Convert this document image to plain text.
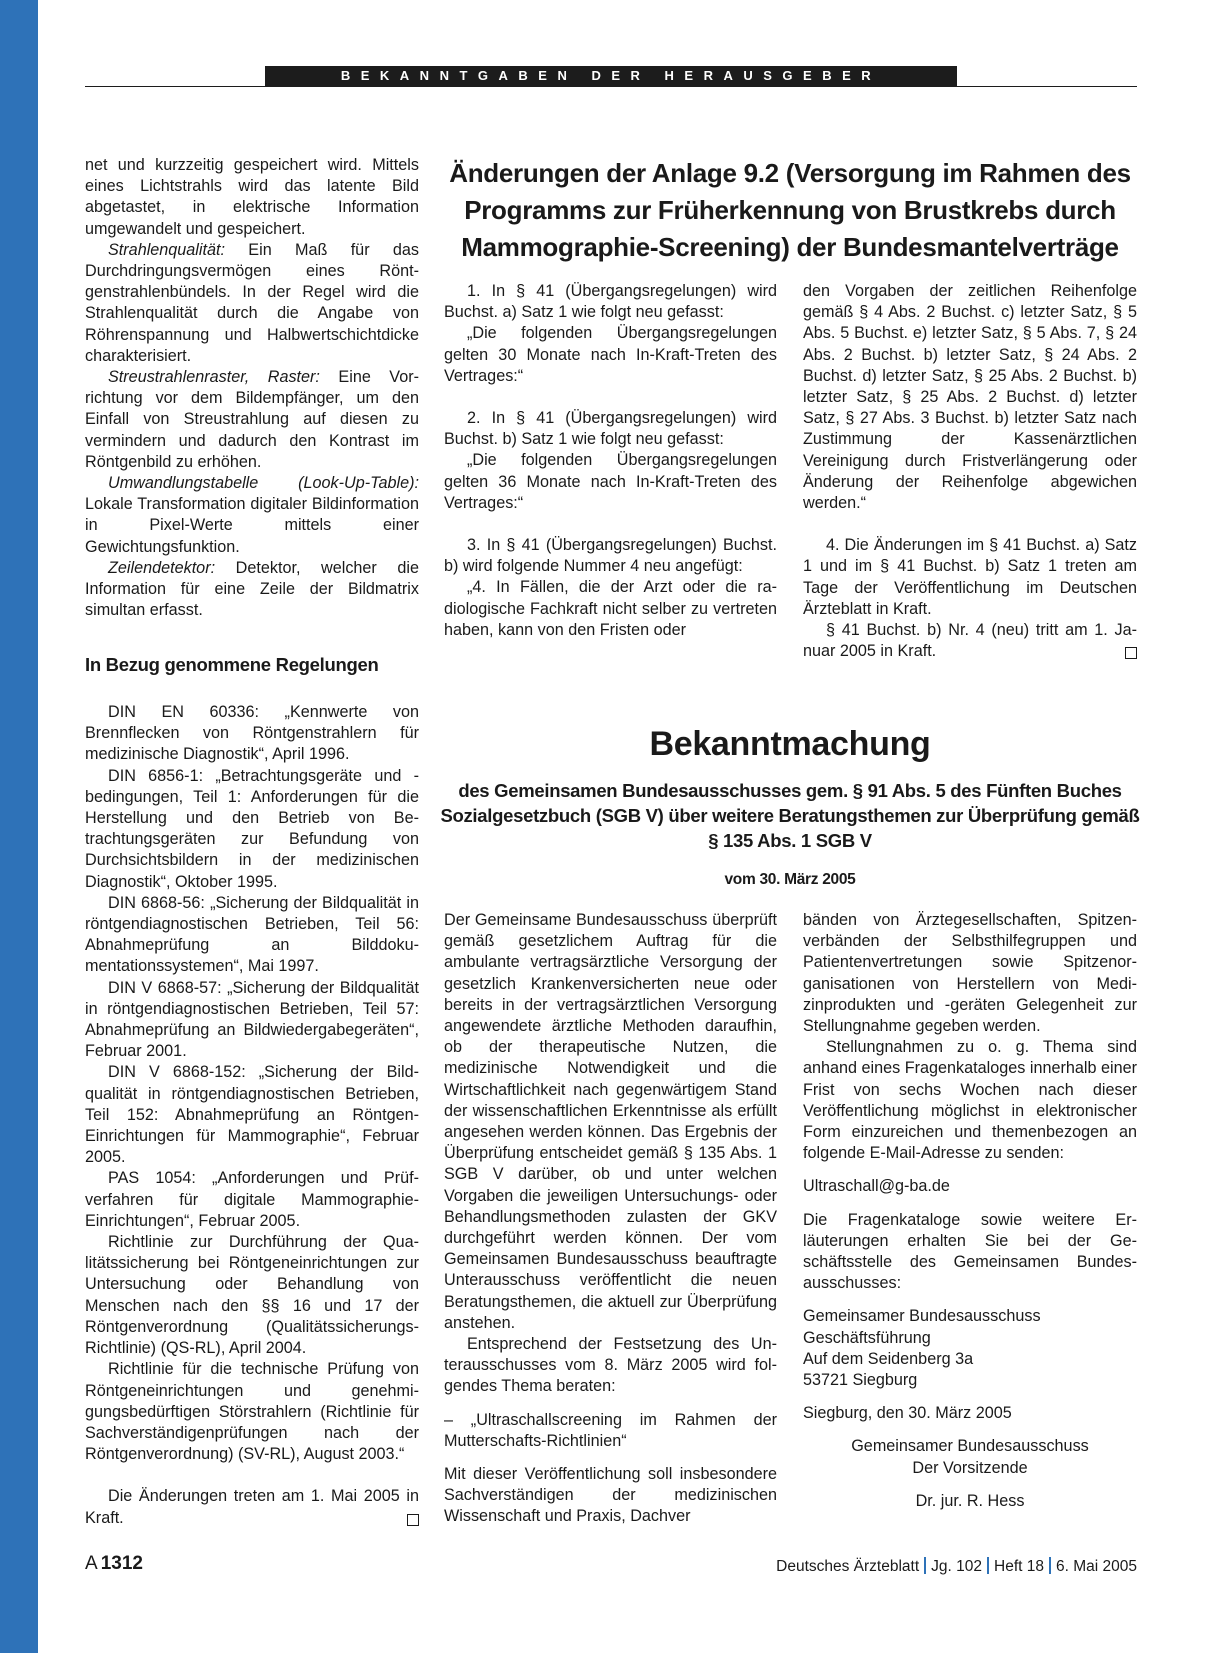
BEKANNTGABEN DER HERAUSGEBER

net und kurzzeitig gespeichert wird. Mittels eines Lichtstrahls wird das latente Bild abgetastet, in elektrische Information umgewandelt und gespeichert.

Strahlenqualität: Ein Maß für das Durchdringungsvermögen eines Röntgenstrahlenbündels. In der Regel wird die Strahlenqualität durch die Angabe von Röhrenspannung und Halbwertschichtdicke charakterisiert.

Streustrahlenraster, Raster: Eine Vorrichtung vor dem Bildempfänger, um den Einfall von Streustrahlung auf diesen zu vermindern und dadurch den Kontrast im Röntgenbild zu erhöhen.

Umwandlungstabelle (Look-Up-Table): Lokale Transformation digitaler Bildinformation in Pixel-Werte mittels einer Gewichtungsfunktion.

Zeilendetektor: Detektor, welcher die Information für eine Zeile der Bildmatrix simultan erfasst.

In Bezug genommene Regelungen

DIN EN 60336: „Kennwerte von Brennflecken von Röntgenstrahlern für medizinische Diagnostik“, April 1996.

DIN 6856-1: „Betrachtungsgeräte und -bedingungen, Teil 1: Anforderungen für die Herstellung und den Betrieb von Betrachtungsgeräten zur Befundung von Durchsichtsbildern in der medizinischen Diagnostik“, Oktober 1995.

DIN 6868-56: „Sicherung der Bildqualität in röntgendiagnostischen Betrieben, Teil 56: Abnahmeprüfung an Bilddokumentationssystemen“, Mai 1997.

DIN V 6868-57: „Sicherung der Bildqualität in röntgendiagnostischen Betrieben, Teil 57: Abnahmeprüfung an Bildwiedergabegeräten“, Februar 2001.

DIN V 6868-152: „Sicherung der Bildqualität in röntgendiagnostischen Betrieben, Teil 152: Abnahmeprüfung an Röntgen-Einrichtungen für Mammographie“, Februar 2005.

PAS 1054: „Anforderungen und Prüfverfahren für digitale Mammographie-Einrichtungen“, Februar 2005.

Richtlinie zur Durchführung der Qualitätssicherung bei Röntgeneinrichtungen zur Untersuchung oder Behandlung von Menschen nach den §§ 16 und 17 der Röntgenverordnung (Qualitätssicherungs-Richtlinie) (QS-RL), April 2004.

Richtlinie für die technische Prüfung von Röntgeneinrichtungen und genehmigungsbedürftigen Störstrahlern (Richtlinie für Sachverständigenprüfungen nach der Röntgenverordnung) (SV-RL), August 2003.“

Die Änderungen treten am 1. Mai 2005 in Kraft.

Änderungen der Anlage 9.2 (Versorgung im Rahmen des Programms zur Früherkennung von Brustkrebs durch Mammographie-Screening) der Bundesmantelverträge

1. In § 41 (Übergangsregelungen) wird Buchst. a) Satz 1 wie folgt neu gefasst:

„Die folgenden Übergangsregelungen gelten 30 Monate nach In-Kraft-Treten des Vertrages:“

2. In § 41 (Übergangsregelungen) wird Buchst. b) Satz 1 wie folgt neu gefasst:

„Die folgenden Übergangsregelungen gelten 36 Monate nach In-Kraft-Treten des Vertrages:“

3. In § 41 (Übergangsregelungen) Buchst. b) wird folgende Nummer 4 neu angefügt:

„4. In Fällen, die der Arzt oder die radiologische Fachkraft nicht selber zu vertreten haben, kann von den Fristen oder

den Vorgaben der zeitlichen Reihenfolge gemäß § 4 Abs. 2 Buchst. c) letzter Satz, § 5 Abs. 5 Buchst. e) letzter Satz, § 5 Abs. 7, § 24 Abs. 2 Buchst. b) letzter Satz, § 24 Abs. 2 Buchst. d) letzter Satz, § 25 Abs. 2 Buchst. b) letzter Satz, § 25 Abs. 2 Buchst. d) letzter Satz, § 27 Abs. 3 Buchst. b) letzter Satz nach Zustimmung der Kassenärztlichen Vereinigung durch Fristverlängerung oder Änderung der Reihenfolge abgewichen werden.“

4. Die Änderungen im § 41 Buchst. a) Satz 1 und im § 41 Buchst. b) Satz 1 treten am Tage der Veröffentlichung im Deutschen Ärzteblatt in Kraft.

§ 41 Buchst. b) Nr. 4 (neu) tritt am 1. Januar 2005 in Kraft.

Bekanntmachung
des Gemeinsamen Bundesausschusses gem. § 91 Abs. 5 des Fünften Buches Sozialgesetzbuch (SGB V) über weitere Beratungsthemen zur Überprüfung gemäß § 135 Abs. 1 SGB V
vom 30. März 2005

Der Gemeinsame Bundesausschuss überprüft gemäß gesetzlichem Auftrag für die ambulante vertragsärztliche Versorgung der gesetzlich Krankenversicherten neue oder bereits in der vertragsärztlichen Versorgung angewendete ärztliche Methoden daraufhin, ob der therapeutische Nutzen, die medizinische Notwendigkeit und die Wirtschaftlichkeit nach gegenwärtigem Stand der wissenschaftlichen Erkenntnisse als erfüllt angesehen werden können. Das Ergebnis der Überprüfung entscheidet gemäß § 135 Abs. 1 SGB V darüber, ob und unter welchen Vorgaben die jeweiligen Untersuchungs- oder Behandlungsmethoden zulasten der GKV durchgeführt werden können. Der vom Gemeinsamen Bundesausschuss beauftragte Unterausschuss veröffentlicht die neuen Beratungsthemen, die aktuell zur Überprüfung anstehen.

Entsprechend der Festsetzung des Unterausschusses vom 8. März 2005 wird folgendes Thema beraten:

– „Ultraschallscreening im Rahmen der Mutterschafts-Richtlinien“

Mit dieser Veröffentlichung soll insbesondere Sachverständigen der medizinischen Wissenschaft und Praxis, Dachver

bänden von Ärztegesellschaften, Spitzenverbänden der Selbsthilfegruppen und Patientenvertretungen sowie Spitzenorganisationen von Herstellern von Medizinprodukten und -geräten Gelegenheit zur Stellungnahme gegeben werden.

Stellungnahmen zu o. g. Thema sind anhand eines Fragenkataloges innerhalb einer Frist von sechs Wochen nach dieser Veröffentlichung möglichst in elektronischer Form einzureichen und themenbezogen an folgende E-Mail-Adresse zu senden:

Ultraschall@g-ba.de

Die Fragenkataloge sowie weitere Erläuterungen erhalten Sie bei der Geschäftsstelle des Gemeinsamen Bundesausschusses:

Gemeinsamer Bundesausschuss

Geschäftsführung

Auf dem Seidenberg 3a

53721 Siegburg

Siegburg, den 30. März 2005

Gemeinsamer Bundesausschuss

Der Vorsitzende

Dr. jur. R. Hess

A 1312	Deutsches Ärzteblatt Jg. 102 Heft 18 6. Mai 2005
